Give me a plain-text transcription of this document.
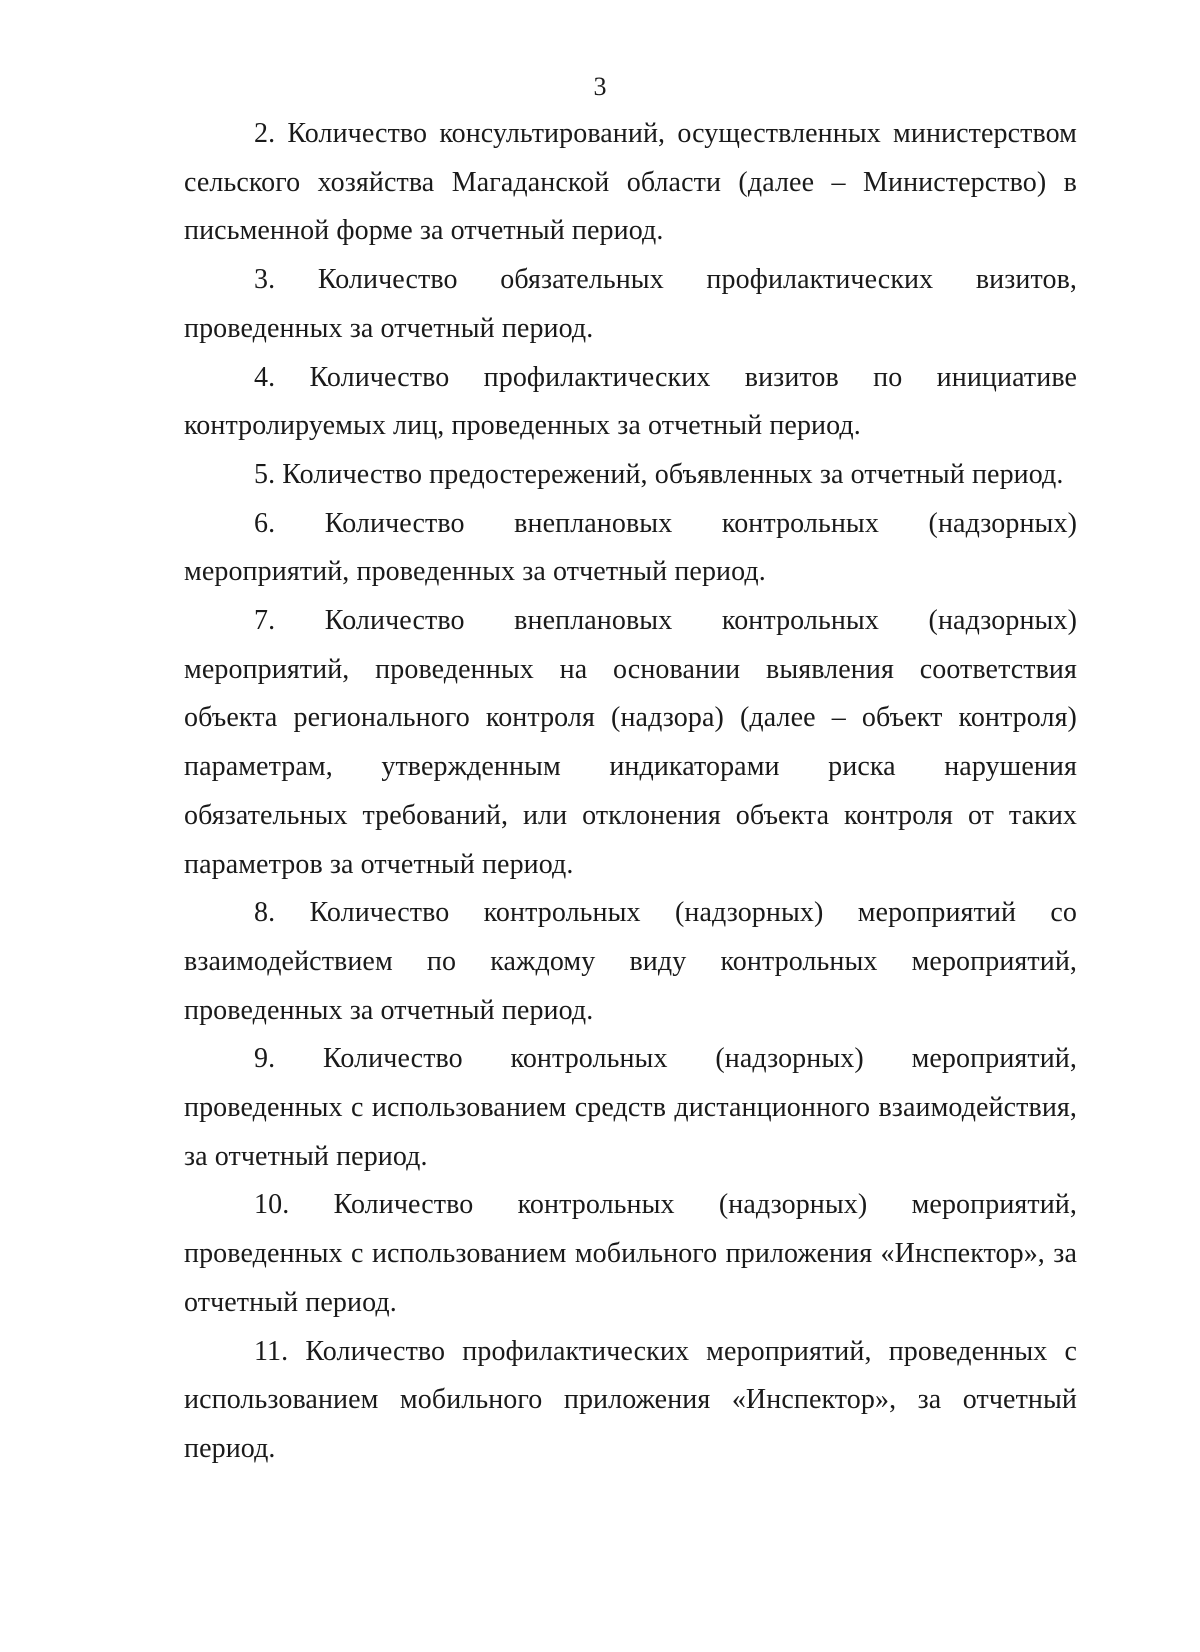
3

2. Количество консультирований, осуществленных министерством сельского хозяйства Магаданской области (далее – Министерство) в письменной форме за отчетный период.

3. Количество обязательных профилактических визитов, проведенных за отчетный период.

4. Количество профилактических визитов по инициативе контролируемых лиц, проведенных за отчетный период.

5. Количество предостережений, объявленных за отчетный период.

6. Количество внеплановых контрольных (надзорных) мероприятий, проведенных за отчетный период.

7. Количество внеплановых контрольных (надзорных) мероприятий, проведенных на основании выявления соответствия объекта регионального контроля (надзора) (далее – объект контроля) параметрам, утвержденным индикаторами риска нарушения обязательных требований, или отклонения объекта контроля от таких параметров за отчетный период.

8. Количество контрольных (надзорных) мероприятий со взаимодействием по каждому виду контрольных мероприятий, проведенных за отчетный период.

9. Количество контрольных (надзорных) мероприятий, проведенных с использованием средств дистанционного взаимодействия, за отчетный период.

10. Количество контрольных (надзорных) мероприятий, проведенных с использованием мобильного приложения «Инспектор», за отчетный период.

11. Количество профилактических мероприятий, проведенных с использованием мобильного приложения «Инспектор», за отчетный период.
